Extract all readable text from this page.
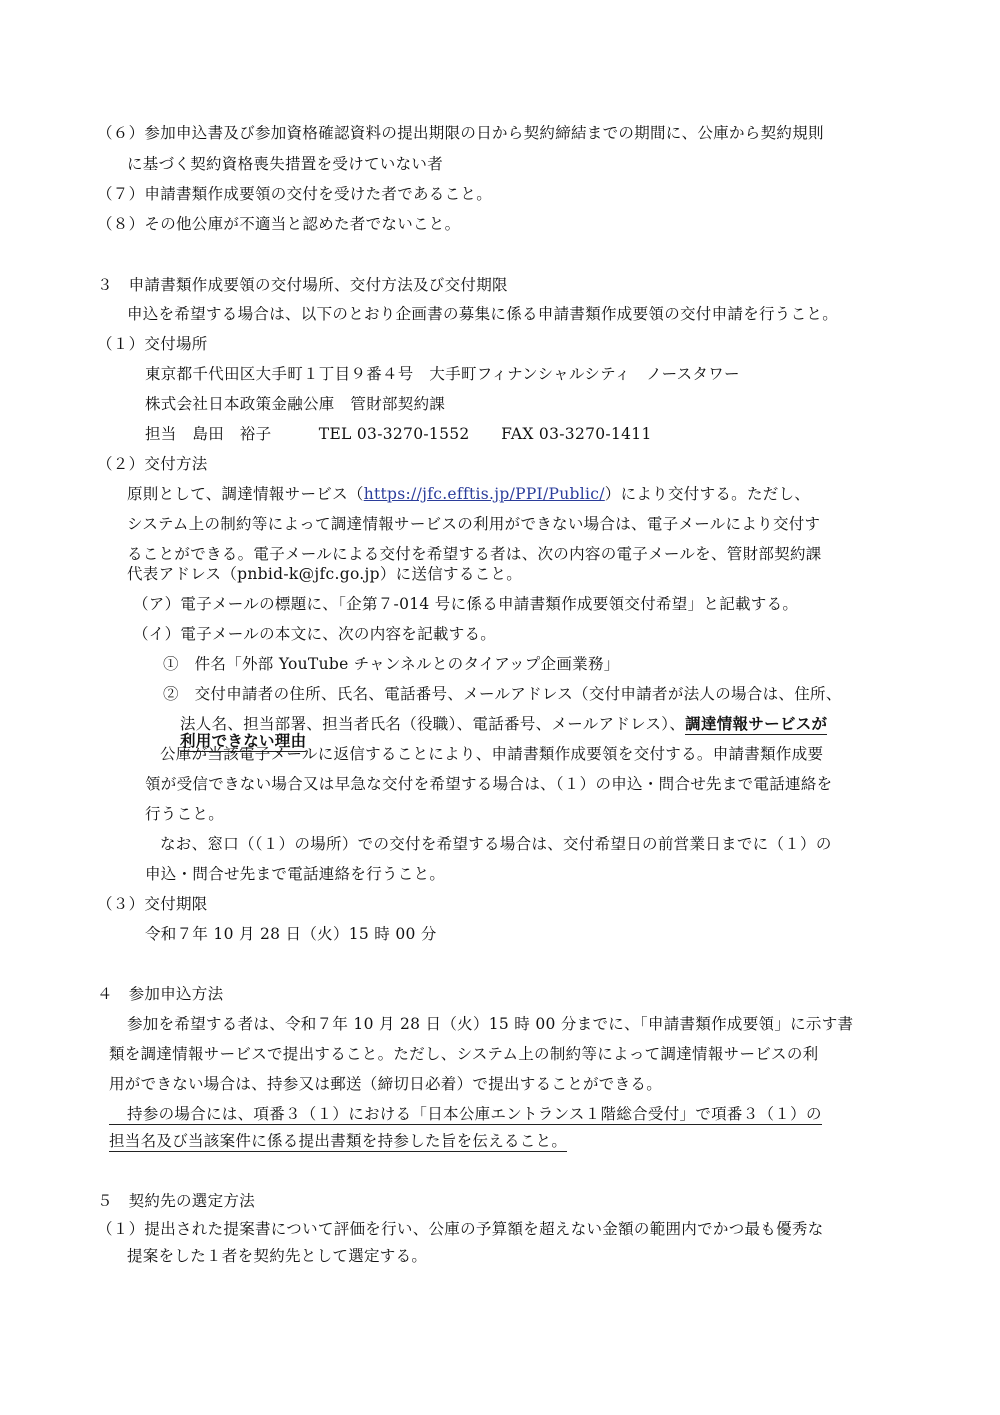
（６）参加申込書及び参加資格確認資料の提出期限の日から契約締結までの期間に、公庫から契約規則
に基づく契約資格喪失措置を受けていない者
（７）申請書類作成要領の交付を受けた者であること。
（８）その他公庫が不適当と認めた者でないこと。
３　申請書類作成要領の交付場所、交付方法及び交付期限
申込を希望する場合は、以下のとおり企画書の募集に係る申請書類作成要領の交付申請を行うこと。
（１）交付場所
東京都千代田区大手町１丁目９番４号　大手町フィナンシャルシティ　ノースタワー
株式会社日本政策金融公庫　管財部契約課
担当　島田　裕子　　　TEL 03-3270-1552　　FAX 03-3270-1411
（２）交付方法
原則として、調達情報サービス（https://jfc.efftis.jp/PPI/Public/）により交付する。ただし、
システム上の制約等によって調達情報サービスの利用ができない場合は、電子メールにより交付す
ることができる。電子メールによる交付を希望する者は、次の内容の電子メールを、管財部契約課
代表アドレス（pnbid-k@jfc.go.jp）に送信すること。
（ア）電子メールの標題に、「企第７-014 号に係る申請書類作成要領交付希望」と記載する。
（イ）電子メールの本文に、次の内容を記載する。
①　件名「外部 YouTube チャンネルとのタイアップ企画業務」
②　交付申請者の住所、氏名、電話番号、メールアドレス（交付申請者が法人の場合は、住所、
法人名、担当部署、担当者氏名（役職）、電話番号、メールアドレス）、調達情報サービスが
利用できない理由
公庫が当該電子メールに返信することにより、申請書類作成要領を交付する。申請書類作成要
領が受信できない場合又は早急な交付を希望する場合は、（１）の申込・問合せ先まで電話連絡を
行うこと。
なお、窓口（（１）の場所）での交付を希望する場合は、交付希望日の前営業日までに（１）の
申込・問合せ先まで電話連絡を行うこと。
（３）交付期限
令和７年 10 月 28 日（火）15 時 00 分
４　参加申込方法
参加を希望する者は、令和７年 10 月 28 日（火）15 時 00 分までに、「申請書類作成要領」に示す書
類を調達情報サービスで提出すること。ただし、システム上の制約等によって調達情報サービスの利
用ができない場合は、持参又は郵送（締切日必着）で提出することができる。
持参の場合には、項番３（１）における「日本公庫エントランス１階総合受付」で項番３（１）の
担当名及び当該案件に係る提出書類を持参した旨を伝えること。
５　契約先の選定方法
（１）提出された提案書について評価を行い、公庫の予算額を超えない金額の範囲内でかつ最も優秀な
提案をした１者を契約先として選定する。
